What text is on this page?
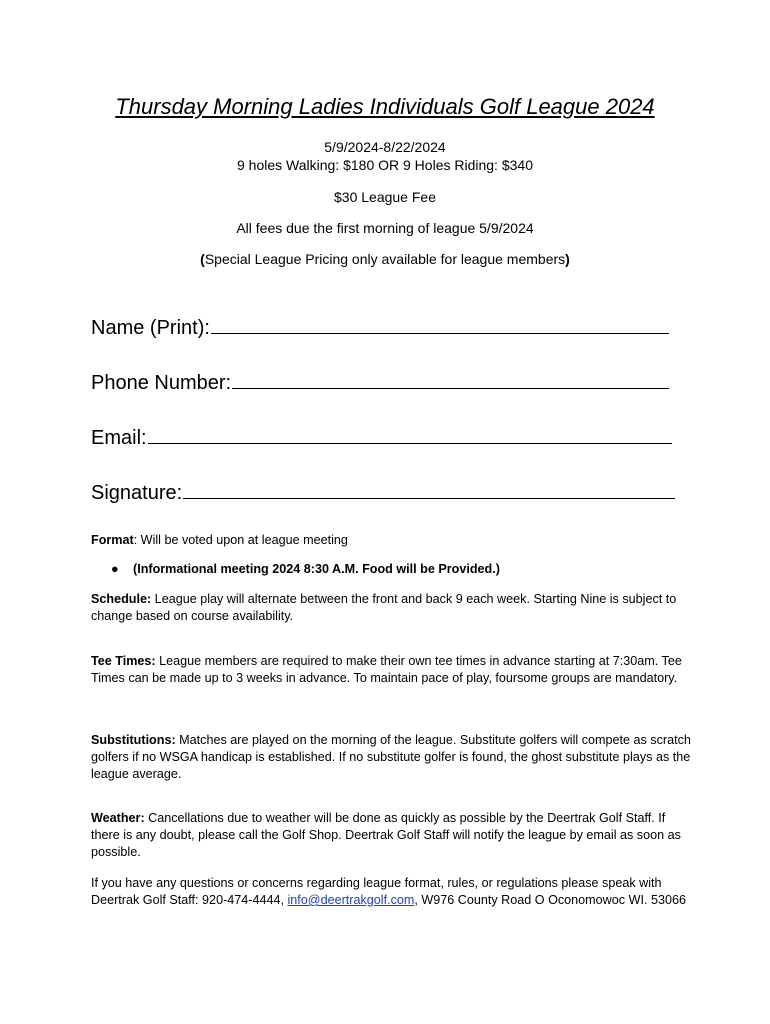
Thursday Morning Ladies Individuals Golf League 2024
5/9/2024-8/22/2024
9 holes Walking: $180 OR 9 Holes Riding: $340
$30 League Fee
All fees due the first morning of league 5/9/2024
(Special League Pricing only available for league members)
Name (Print):
Phone Number:
Email:
Signature:
Format: Will be voted upon at league meeting
● (Informational meeting 2024 8:30 A.M. Food will be Provided.)
Schedule: League play will alternate between the front and back 9 each week. Starting Nine is subject to change based on course availability.
Tee Times: League members are required to make their own tee times in advance starting at 7:30am. Tee Times can be made up to 3 weeks in advance. To maintain pace of play, foursome groups are mandatory.
Substitutions: Matches are played on the morning of the league. Substitute golfers will compete as scratch golfers if no WSGA handicap is established. If no substitute golfer is found, the ghost substitute plays as the league average.
Weather: Cancellations due to weather will be done as quickly as possible by the Deertrak Golf Staff. If there is any doubt, please call the Golf Shop. Deertrak Golf Staff will notify the league by email as soon as possible.
If you have any questions or concerns regarding league format, rules, or regulations please speak with Deertrak Golf Staff: 920-474-4444, info@deertrakgolf.com, W976 County Road O Oconomowoc WI. 53066
